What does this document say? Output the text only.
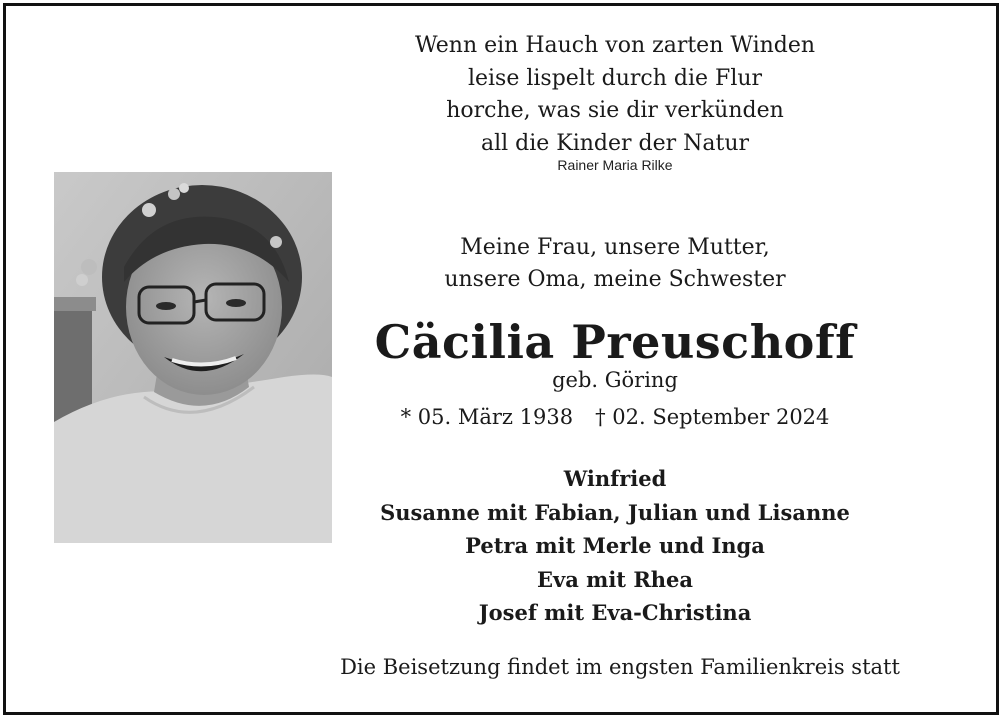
Wenn ein Hauch von zarten Winden
leise lispelt durch die Flur
horche, was sie dir verkünden
all die Kinder der Natur
Rainer Maria Rilke
Meine Frau, unsere Mutter,
unsere Oma, meine Schwester
Cäcilia Preuschoff
geb. Göring
* 05. März 1938 † 02. September 2024
Winfried
Susanne mit Fabian, Julian und Lisanne
Petra mit Merle und Inga
Eva mit Rhea
Josef mit Eva-Christina
Die Beisetzung findet im engsten Familienkreis statt
